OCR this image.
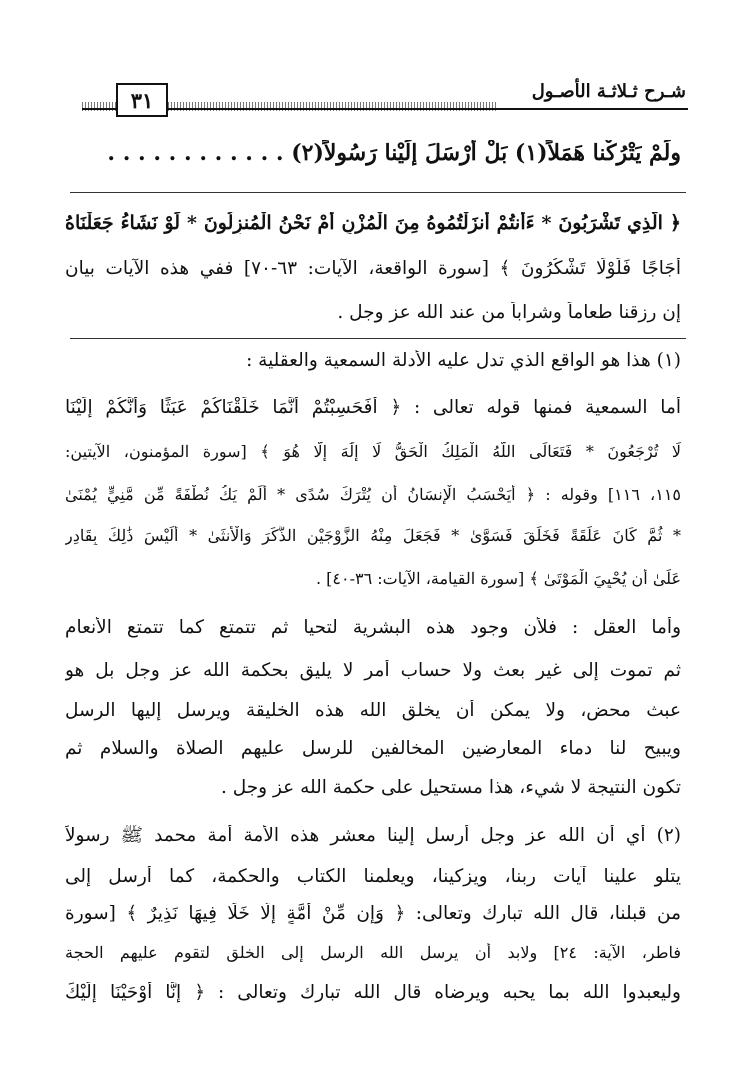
٣١	شـرح ثـلاثـة الأصـول
ولَمْ يَتْرُكْنا هَمَلاً(١) بَلْ أَرْسَلَ إِلَيْنا رَسُولاً(٢) . . . . . . . . . . . .
﴿ الَّذِي تَشْرَبُونَ * ءَأَنتُمْ أَنزَلْتُمُوهُ مِنَ الْمُزْنِ أَمْ نَحْنُ الْمُنزِلُونَ * لَوْ نَشَاءُ جَعَلْنَاهُ
أُجَاجًا فَلَوْلَا تَشْكُرُونَ ﴾ [سورة الواقعة، الآيات: ٦٣-٧٠] ففي هذه الآيات بيان
إن رزقنا طعاماً وشراباً من عند الله عز وجل .
(١) هذا هو الواقع الذي تدل عليه الأدلة السمعية والعقلية :
أما السمعية فمنها قوله تعالى : ﴿ أَفَحَسِبْتُمْ أَنَّمَا خَلَقْنَاكُمْ عَبَثًا وَأَنَّكُمْ إِلَيْنَا
لَا تُرْجَعُونَ * فَتَعَالَى اللَّهُ الْمَلِكُ الْحَقُّ لَا إِلَٰهَ إِلَّا هُوَ ﴾ [سورة المؤمنون، الآيتين:
١١٥، ١١٦] وقوله : ﴿ أَيَحْسَبُ الْإِنسَانُ أَن يُتْرَكَ سُدًى * أَلَمْ يَكُ نُطْفَةً مِّن مَّنِيٍّ يُمْنَىٰ
* ثُمَّ كَانَ عَلَقَةً فَخَلَقَ فَسَوَّىٰ * فَجَعَلَ مِنْهُ الزَّوْجَيْنِ الذَّكَرَ وَالْأُنثَىٰ * أَلَيْسَ ذَٰلِكَ بِقَادِرٍ
عَلَىٰ أَن يُحْيِيَ الْمَوْتَىٰ ﴾ [سورة القيامة، الآيات: ٣٦-٤٠] .
وأما العقل : فلأن وجود هذه البشرية لتحيا ثم تتمتع كما تتمتع الأنعام
ثم تموت إلى غير بعث ولا حساب أمر لا يليق بحكمة الله عز وجل بل هو
عبث محض، ولا يمكن أن يخلق الله هذه الخليقة ويرسل إليها الرسل
ويبيح لنا دماء المعارضين المخالفين للرسل عليهم الصلاة والسلام ثم
تكون النتيجة لا شيء، هذا مستحيل على حكمة الله عز وجل .
(٢) أي أن الله عز وجل أرسل إلينا معشر هذه الأمة أمة محمد ﷺ رسولاً
يتلو علينا آيات ربنا، ويزكينا، ويعلمنا الكتاب والحكمة، كما أرسل إلى
من قبلنا، قال الله تبارك وتعالى: ﴿ وَإِن مِّنْ أُمَّةٍ إِلَّا خَلَا فِيهَا نَذِيرٌ ﴾ [سورة
فاطر، الآية: ٢٤] ولابد أن يرسل الله الرسل إلى الخلق لتقوم عليهم الحجة
وليعبدوا الله بما يحبه ويرضاه قال الله تبارك وتعالى : ﴿ إِنَّا أَوْحَيْنَا إِلَيْكَ
